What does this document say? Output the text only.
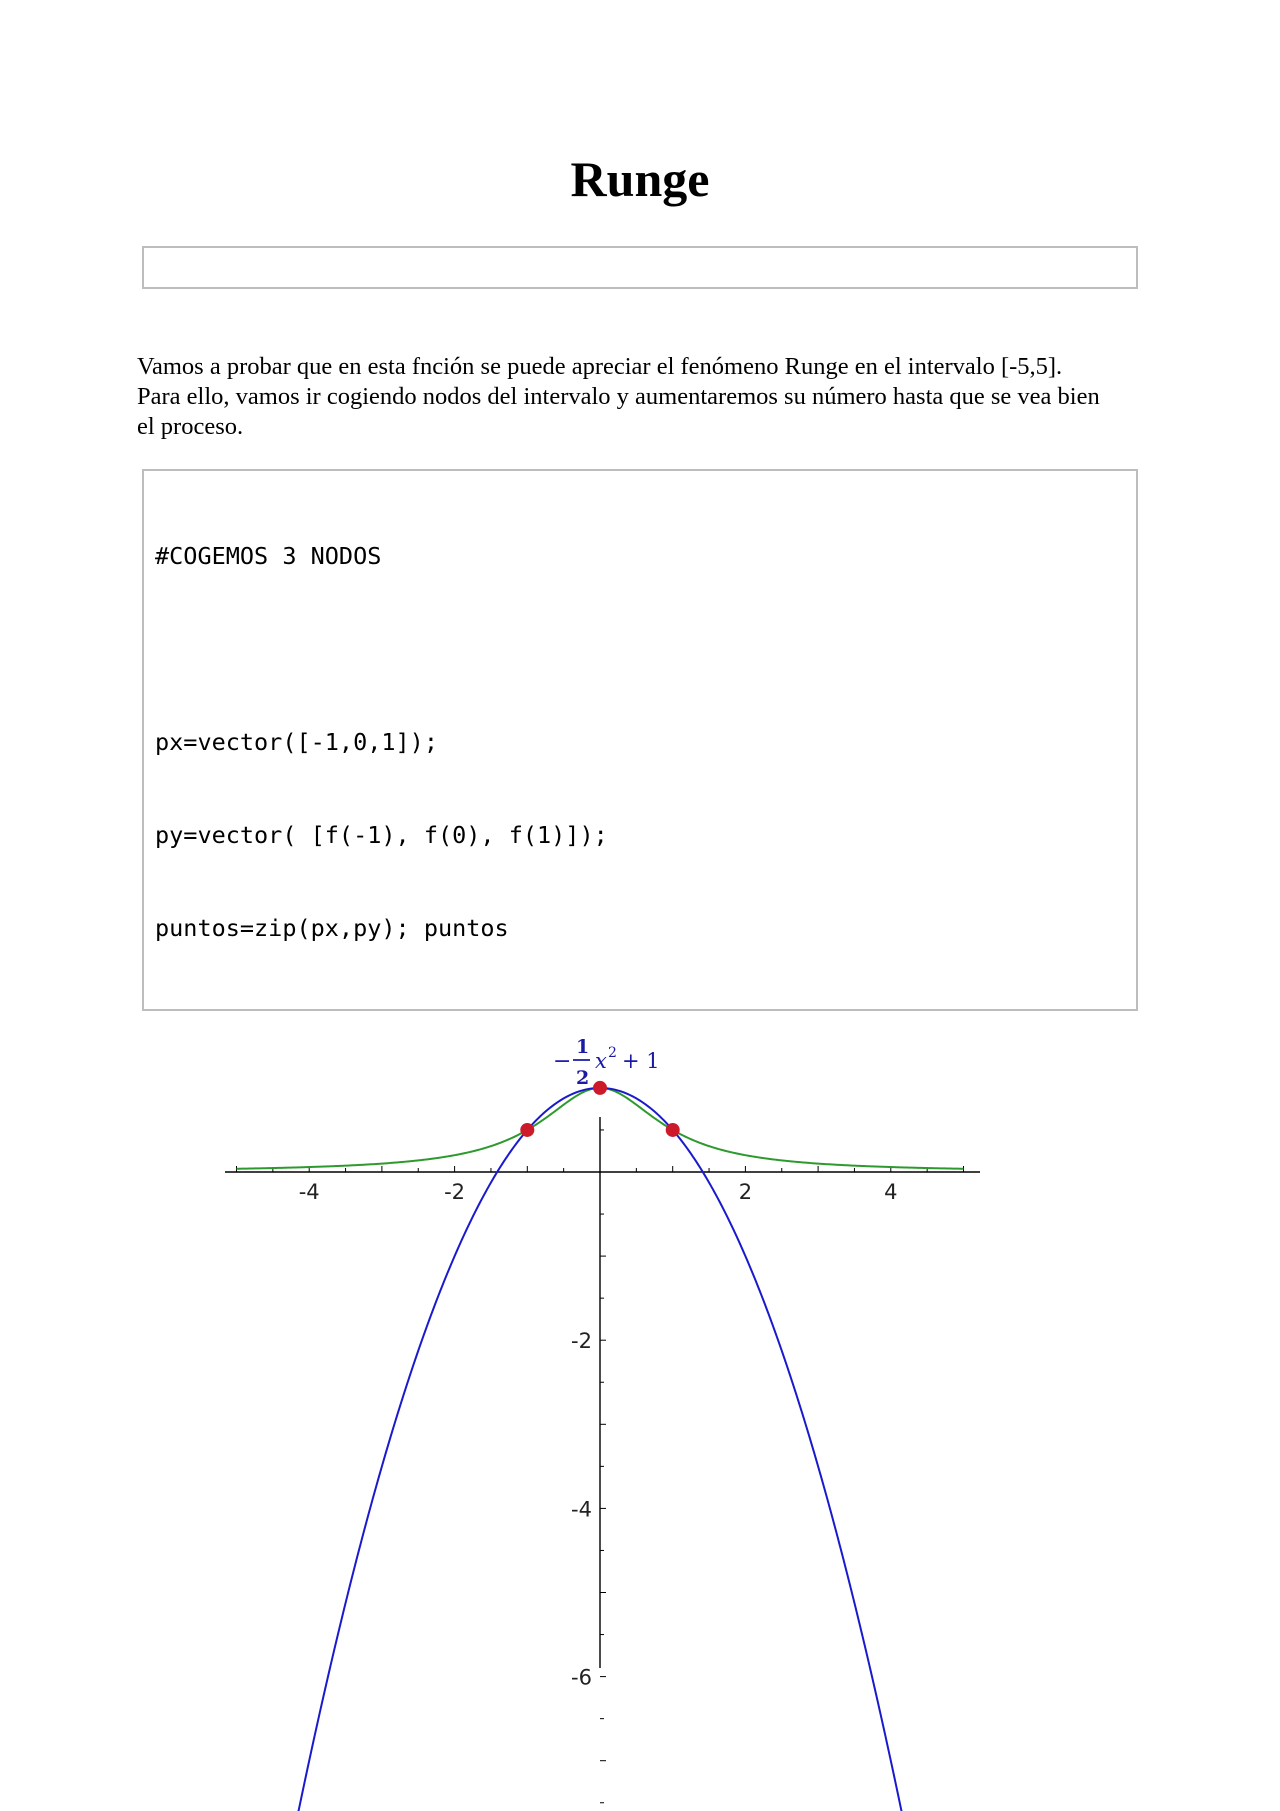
Runge

Vamos a probar que en esta fnción se puede apreciar el fenómeno Runge en el intervalo [-5,5].
Para ello, vamos ir cogiendo nodos del intervalo y aumentaremos su número hasta que se vea bien
el proceso.

#COGEMOS 3 NODOS

px=vector([-1,0,1]);

py=vector( [f(-1), f(0), f(1)]);

puntos=zip(px,py); puntos

−
1
2
x 2 + 1
-4	-2	2	4
-2
-4
-6
